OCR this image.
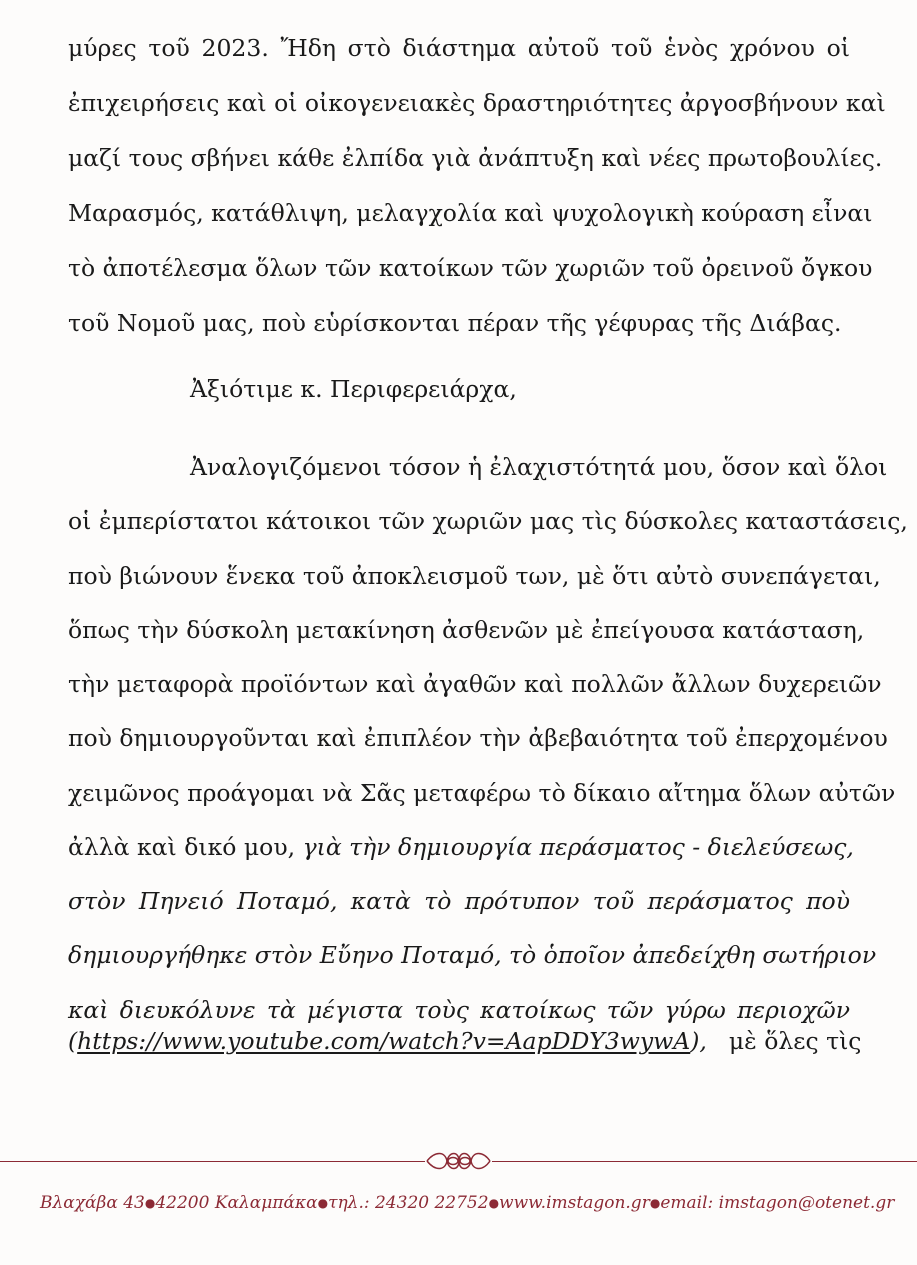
μύρες τοῦ 2023. Ἤδη στὸ διάστημα αὐτοῦ τοῦ ἑνὸς χρόνου οἱ
ἐπιχειρήσεις καὶ οἱ οἰκογενειακὲς δραστηριότητες ἀργοσβήνουν καὶ
μαζί τους σβήνει κάθε ἐλπίδα γιὰ ἀνάπτυξη καὶ νέες πρωτοβουλίες.
Μαρασμός, κατάθλιψη, μελαγχολία καὶ ψυχολογικὴ κούραση εἶναι
τὸ ἀποτέλεσμα ὅλων τῶν κατοίκων τῶν χωριῶν τοῦ ὀρεινοῦ ὄγκου
τοῦ Νομοῦ μας, ποὺ εὑρίσκονται πέραν τῆς γέφυρας τῆς Διάβας.
Ἀξιότιμε κ. Περιφερειάρχα,
Ἀναλογιζόμενοι τόσον ἡ ἐλαχιστότητά μου, ὅσον καὶ ὅλοι
οἱ ἐμπερίστατοι κάτοικοι τῶν χωριῶν μας τὶς δύσκολες καταστάσεις,
ποὺ βιώνουν ἕνεκα τοῦ ἀποκλεισμοῦ των, μὲ ὅτι αὐτὸ συνεπάγεται,
ὅπως τὴν δύσκολη μετακίνηση ἀσθενῶν μὲ ἐπείγουσα κατάσταση,
τὴν μεταφορὰ προϊόντων καὶ ἀγαθῶν καὶ πολλῶν ἄλλων δυχερειῶν
ποὺ δημιουργοῦνται καὶ ἐπιπλέον τὴν ἀβεβαιότητα τοῦ ἐπερχομένου
χειμῶνος προάγομαι νὰ Σᾶς μεταφέρω τὸ δίκαιο αἴτημα ὅλων αὐτῶν
ἀλλὰ καὶ δικό μου, γιὰ τὴν δημιουργία περάσματος - διελεύσεως,
στὸν Πηνειό Ποταμό, κατὰ τὸ πρότυπον τοῦ περάσματος ποὺ
δημιουργήθηκε στὸν Εὔηνο Ποταμό, τὸ ὁποῖον ἀπεδείχθη σωτήριον
καὶ διευκόλυνε τὰ μέγιστα τοὺς κατοίκως τῶν γύρω περιοχῶν
(https://www.youtube.com/watch?v=AapDDY3wywA), μὲ ὅλες τὶς
Βλαχάβα 43 ● 42200 Καλαμπάκα ● τηλ.: 24320 22752 ● www.imstagon.gr ● email: imstagon@otenet.gr
